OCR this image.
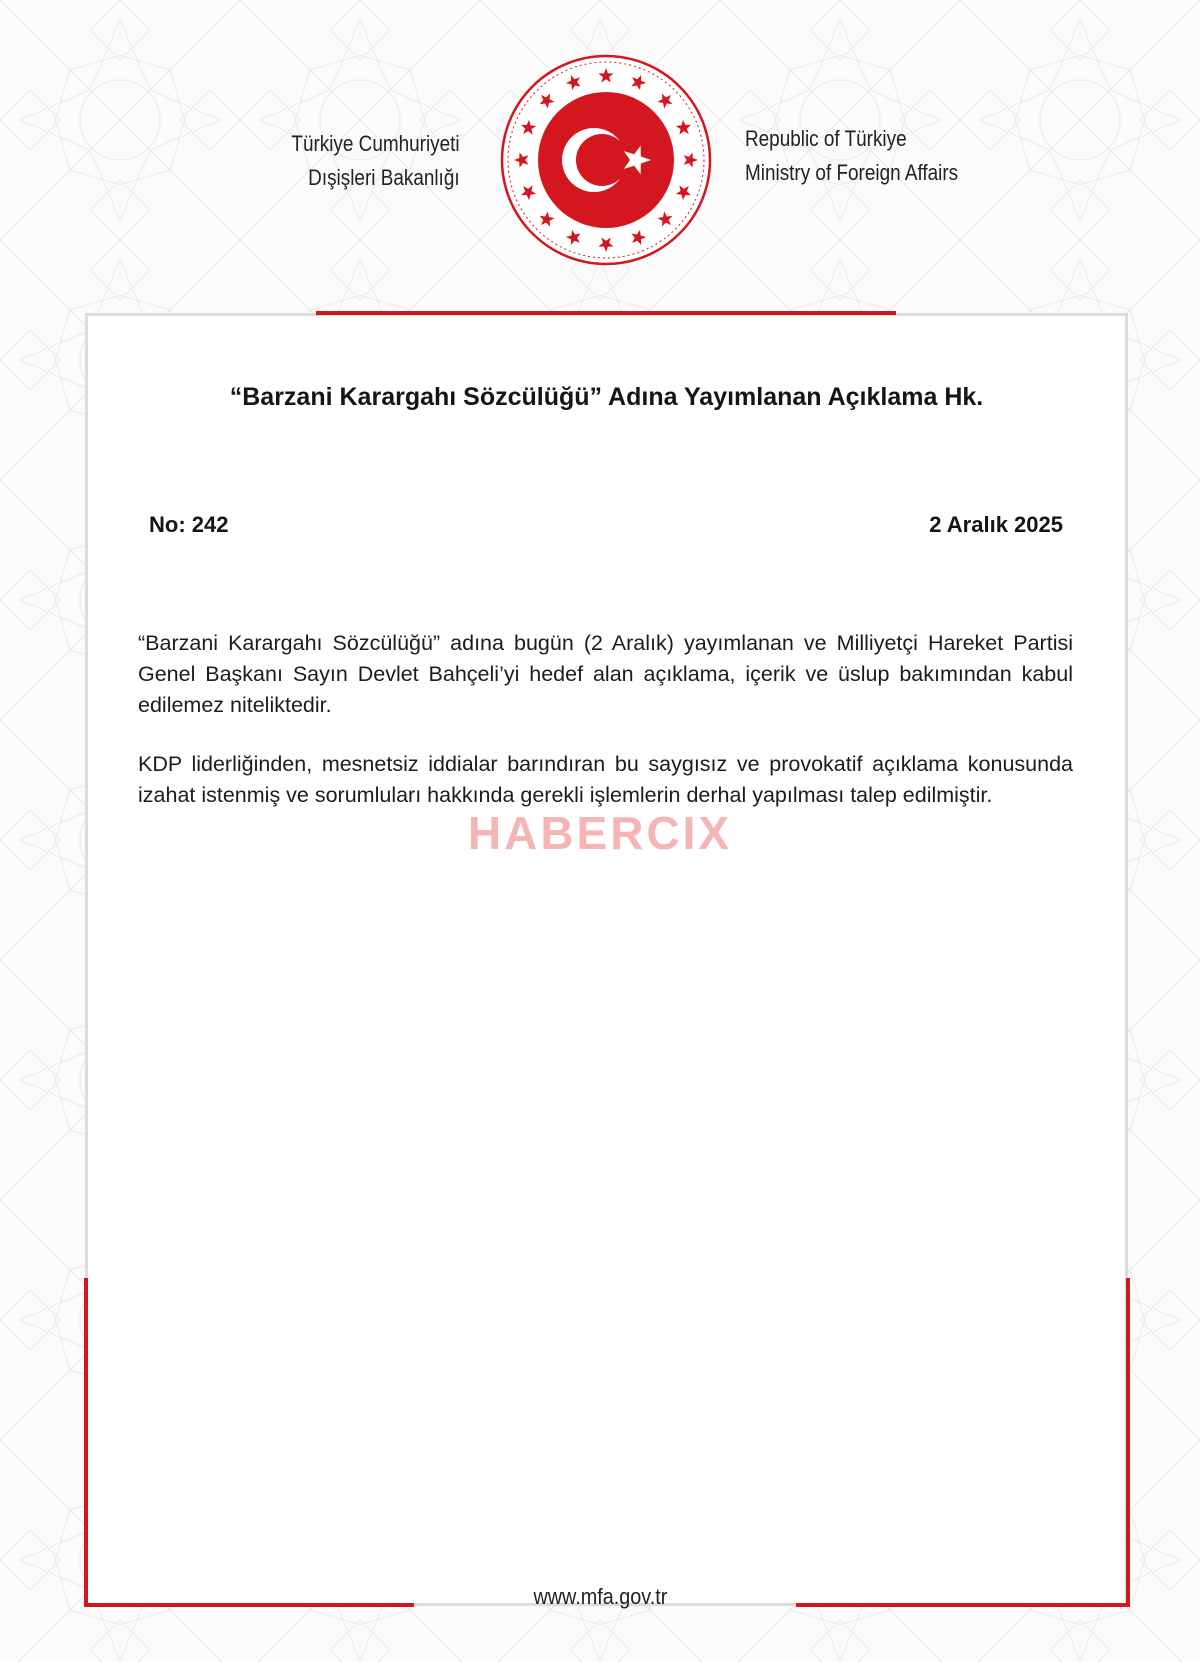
Türkiye Cumhuriyeti
Dışişleri Bakanlığı
Republic of Türkiye
Ministry of Foreign Affairs
“Barzani Karargahı Sözcülüğü” Adına Yayımlanan Açıklama Hk.
No: 242	2 Aralık 2025

“Barzani Karargahı Sözcülüğü” adına bugün (2 Aralık) yayımlanan ve Milliyetçi Hareket Partisi Genel Başkanı Sayın Devlet Bahçeli’yi hedef alan açıklama, içerik ve üslup bakımından kabul edilemez niteliktedir.

KDP liderliğinden, mesnetsiz iddialar barındıran bu saygısız ve provokatif açıklama konusunda izahat istenmiş ve sorumluları hakkında gerekli işlemlerin derhal yapılması talep edilmiştir.

HABERCIX
www.mfa.gov.tr
